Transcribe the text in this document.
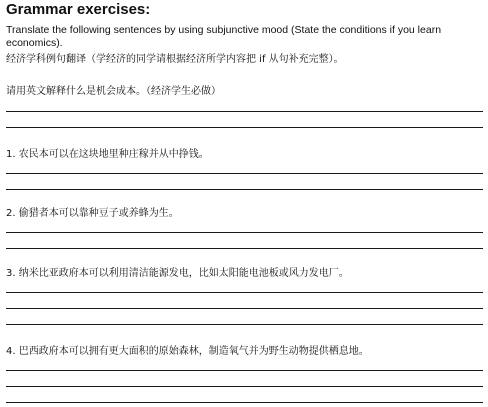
Grammar exercises:
Translate the following sentences by using subjunctive mood (State the conditions if you learn economics).
经济学科例句翻译（学经济的同学请根据经济所学内容把 if 从句补充完整）。
请用英文解释什么是机会成本。（经济学生必做）
1. 农民本可以在这块地里种庄稼并从中挣钱。
2. 偷猎者本可以靠种豆子或养蜂为生。
3. 纳米比亚政府本可以利用清洁能源发电，比如太阳能电池板或风力发电厂。
4. 巴西政府本可以拥有更大面积的原始森林，制造氧气并为野生动物提供栖息地。
